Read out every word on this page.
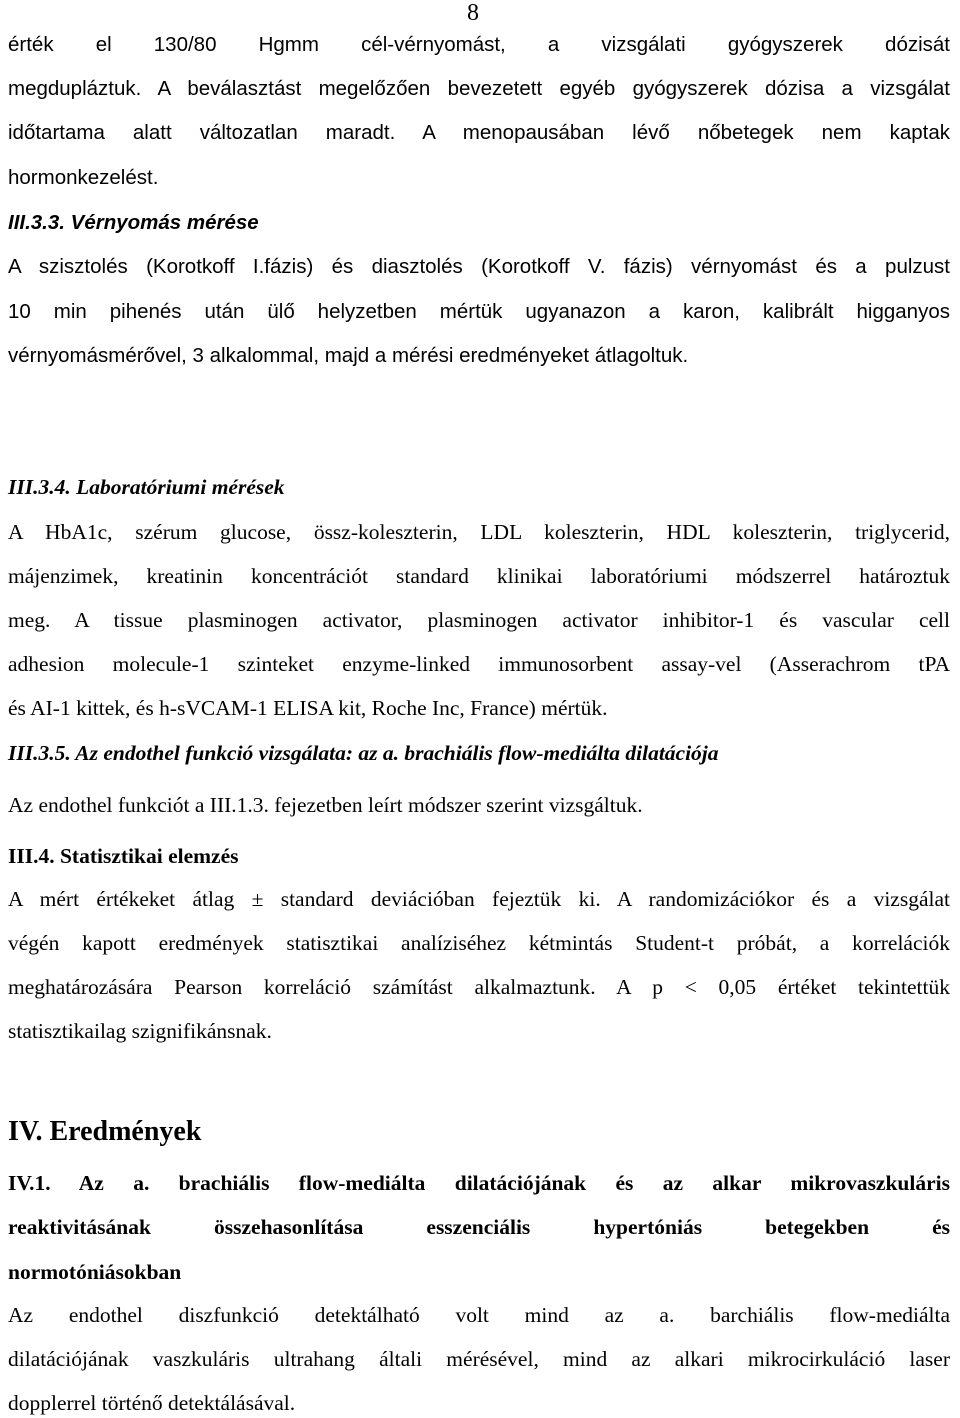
8

érték el 130/80 Hgmm cél-vérnyomást, a vizsgálati gyógyszerek dózisát

megdupláztuk. A beválasztást megelőzően bevezetett egyéb gyógyszerek dózisa a vizsgálat

időtartama alatt változatlan maradt. A menopausában lévő nőbetegek nem kaptak

hormonkezelést.

III.3.3. Vérnyomás mérése

A szisztolés (Korotkoff I.fázis) és diasztolés (Korotkoff V. fázis) vérnyomást és a pulzust

10 min pihenés után ülő helyzetben mértük ugyanazon a karon, kalibrált higganyos

vérnyomásmérővel, 3 alkalommal, majd a mérési eredményeket átlagoltuk.

III.3.4. Laboratóriumi mérések

A HbA1c, szérum glucose, össz-koleszterin, LDL koleszterin, HDL koleszterin, triglycerid,

májenzimek, kreatinin koncentrációt standard klinikai laboratóriumi módszerrel határoztuk

meg. A tissue plasminogen activator, plasminogen activator inhibitor-1 és vascular cell

adhesion molecule-1 szinteket enzyme-linked immunosorbent assay-vel (Asserachrom tPA

és AI-1 kittek, és h-sVCAM-1 ELISA kit, Roche Inc, France) mértük.

III.3.5. Az endothel funkció vizsgálata: az a. brachiális flow-mediálta dilatációja

Az endothel funkciót a III.1.3. fejezetben leírt módszer szerint vizsgáltuk.

III.4. Statisztikai elemzés

A mért értékeket átlag ± standard deviációban fejeztük ki. A randomizációkor és a vizsgálat

végén kapott eredmények statisztikai analíziséhez kétmintás Student-t próbát, a korrelációk

meghatározására Pearson korreláció számítást alkalmaztunk. A p < 0,05 értéket tekintettük

statisztikailag szignifikánsnak.

IV. Eredmények

IV.1. Az a. brachiális flow-mediálta dilatációjának és az alkar mikrovaszkuláris

reaktivitásának összehasonlítása esszenciális hypertóniás betegekben és

normotóniásokban

Az endothel diszfunkció detektálható volt mind az a. barchiális flow-mediálta

dilatációjának vaszkuláris ultrahang általi mérésével, mind az alkari mikrocirkuláció laser

dopplerrel történő detektálásával.
